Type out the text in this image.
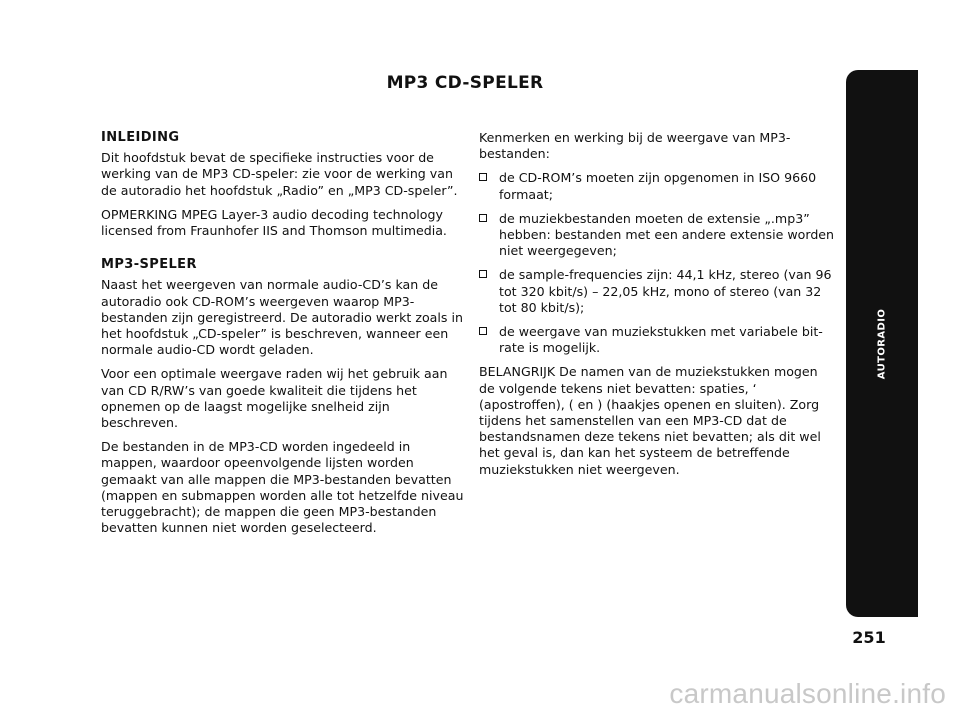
MP3 CD-SPELER
INLEIDING

Dit hoofdstuk bevat de specifieke instructies voor de werking van de MP3 CD-speler: zie voor de werking van de autoradio het hoofdstuk „Radio” en „MP3 CD-speler”.

OPMERKING MPEG Layer-3 audio decoding technology licensed from Fraunhofer IIS and Thomson multimedia.

MP3-SPELER

Naast het weergeven van normale audio-CD’s kan de autoradio ook CD-ROM’s weergeven waarop MP3-bestanden zijn geregistreerd. De autoradio werkt zoals in het hoofdstuk „CD-speler” is beschreven, wanneer een normale audio-CD wordt geladen.

Voor een optimale weergave raden wij het gebruik aan van CD R/RW’s van goede kwaliteit die tijdens het opnemen op de laagst mogelijke snelheid zijn beschreven.

De bestanden in de MP3-CD worden ingedeeld in mappen, waardoor opeenvolgende lijsten worden gemaakt van alle mappen die MP3-bestanden bevatten (mappen en submappen worden alle tot hetzelfde niveau teruggebracht); de mappen die geen MP3-bestanden bevatten kunnen niet worden geselecteerd.

Kenmerken en werking bij de weergave van MP3-bestanden:

de CD-ROM’s moeten zijn opgenomen in ISO 9660 formaat;
de muziekbestanden moeten de extensie „.mp3” hebben: bestanden met een andere extensie worden niet weergegeven;
de sample-frequencies zijn: 44,1 kHz, stereo (van 96 tot 320 kbit/s) – 22,05 kHz, mono of stereo (van 32 tot 80 kbit/s);
de weergave van muziekstukken met variabele bit-rate is mogelijk.

BELANGRIJK De namen van de muziekstukken mogen de volgende tekens niet bevatten: spaties, ‘ (apostroffen), ( en ) (haakjes openen en sluiten). Zorg tijdens het samenstellen van een MP3-CD dat de bestandsnamen deze tekens niet bevatten; als dit wel het geval is, dan kan het systeem de betreffende muziekstukken niet weergeven.

AUTORADIO
251
carmanualsonline.info
